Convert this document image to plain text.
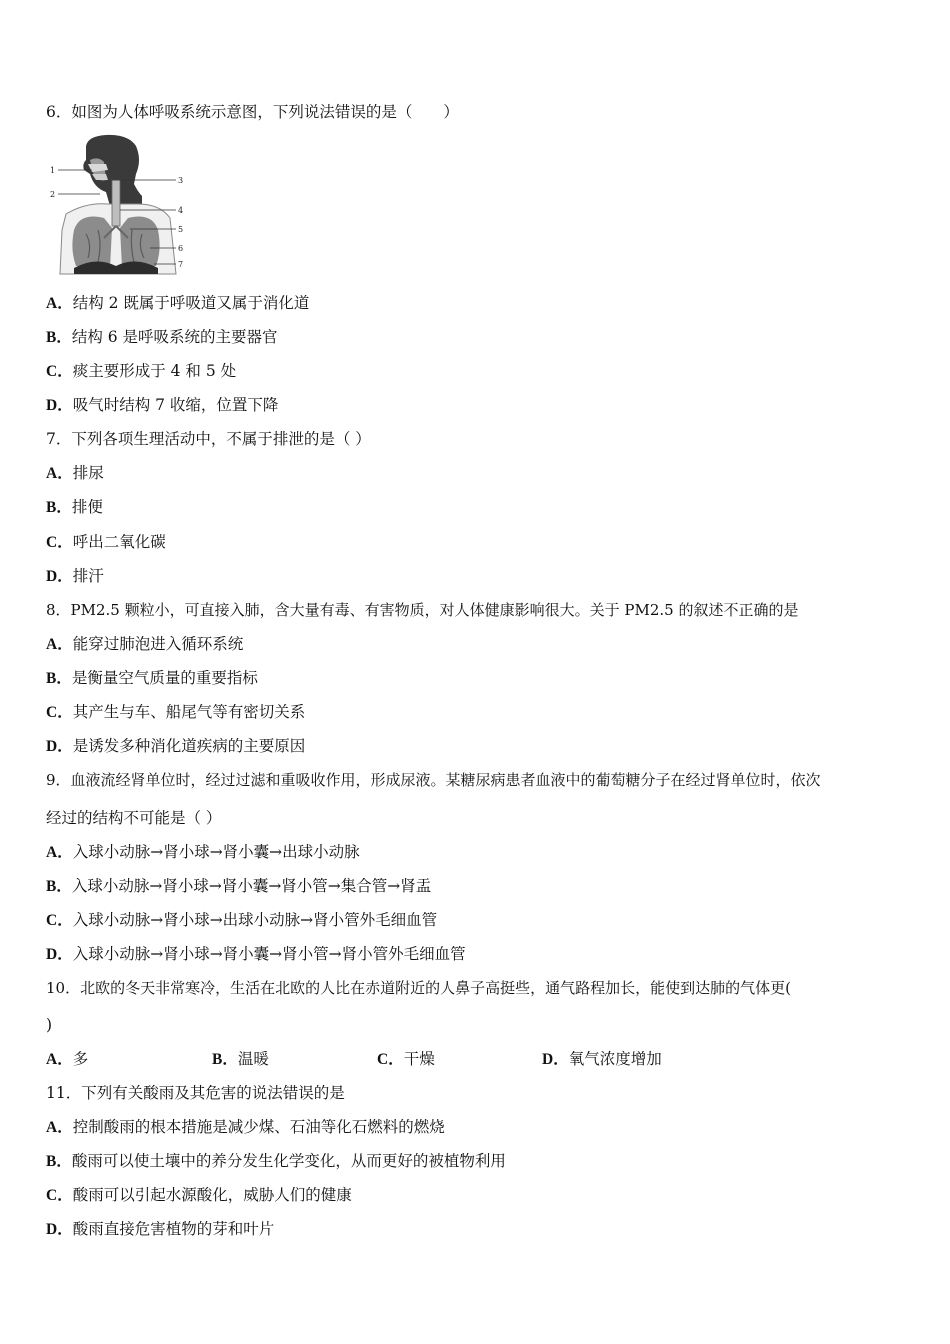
6．如图为人体呼吸系统示意图，下列说法错误的是（　　）
1
2
3
4
5
6
7
A．结构 2 既属于呼吸道又属于消化道
B．结构 6 是呼吸系统的主要器官
C．痰主要形成于 4 和 5 处
D．吸气时结构 7 收缩，位置下降
7．下列各项生理活动中，不属于排泄的是（ ）
A．排尿
B．排便
C．呼出二氧化碳
D．排汗
8．PM2.5 颗粒小，可直接入肺，含大量有毒、有害物质，对人体健康影响很大。关于 PM2.5 的叙述不正确的是
A．能穿过肺泡进入循环系统
B．是衡量空气质量的重要指标
C．其产生与车、船尾气等有密切关系
D．是诱发多种消化道疾病的主要原因
9．血液流经肾单位时，经过过滤和重吸收作用，形成尿液。某糖尿病患者血液中的葡萄糖分子在经过肾单位时，依次
经过的结构不可能是（ ）
A．入球小动脉→肾小球→肾小囊→出球小动脉
B．入球小动脉→肾小球→肾小囊→肾小管→集合管→肾盂
C．入球小动脉→肾小球→出球小动脉→肾小管外毛细血管
D．入球小动脉→肾小球→肾小囊→肾小管→肾小管外毛细血管
10．北欧的冬天非常寒冷，生活在北欧的人比在赤道附近的人鼻子高挺些，通气路程加长，能使到达肺的气体更(
)
A．多	B．温暖	C．干燥	D．氧气浓度增加
11．下列有关酸雨及其危害的说法错误的是
A．控制酸雨的根本措施是减少煤、石油等化石燃料的燃烧
B．酸雨可以使土壤中的养分发生化学变化，从而更好的被植物利用
C．酸雨可以引起水源酸化，威胁人们的健康
D．酸雨直接危害植物的芽和叶片
